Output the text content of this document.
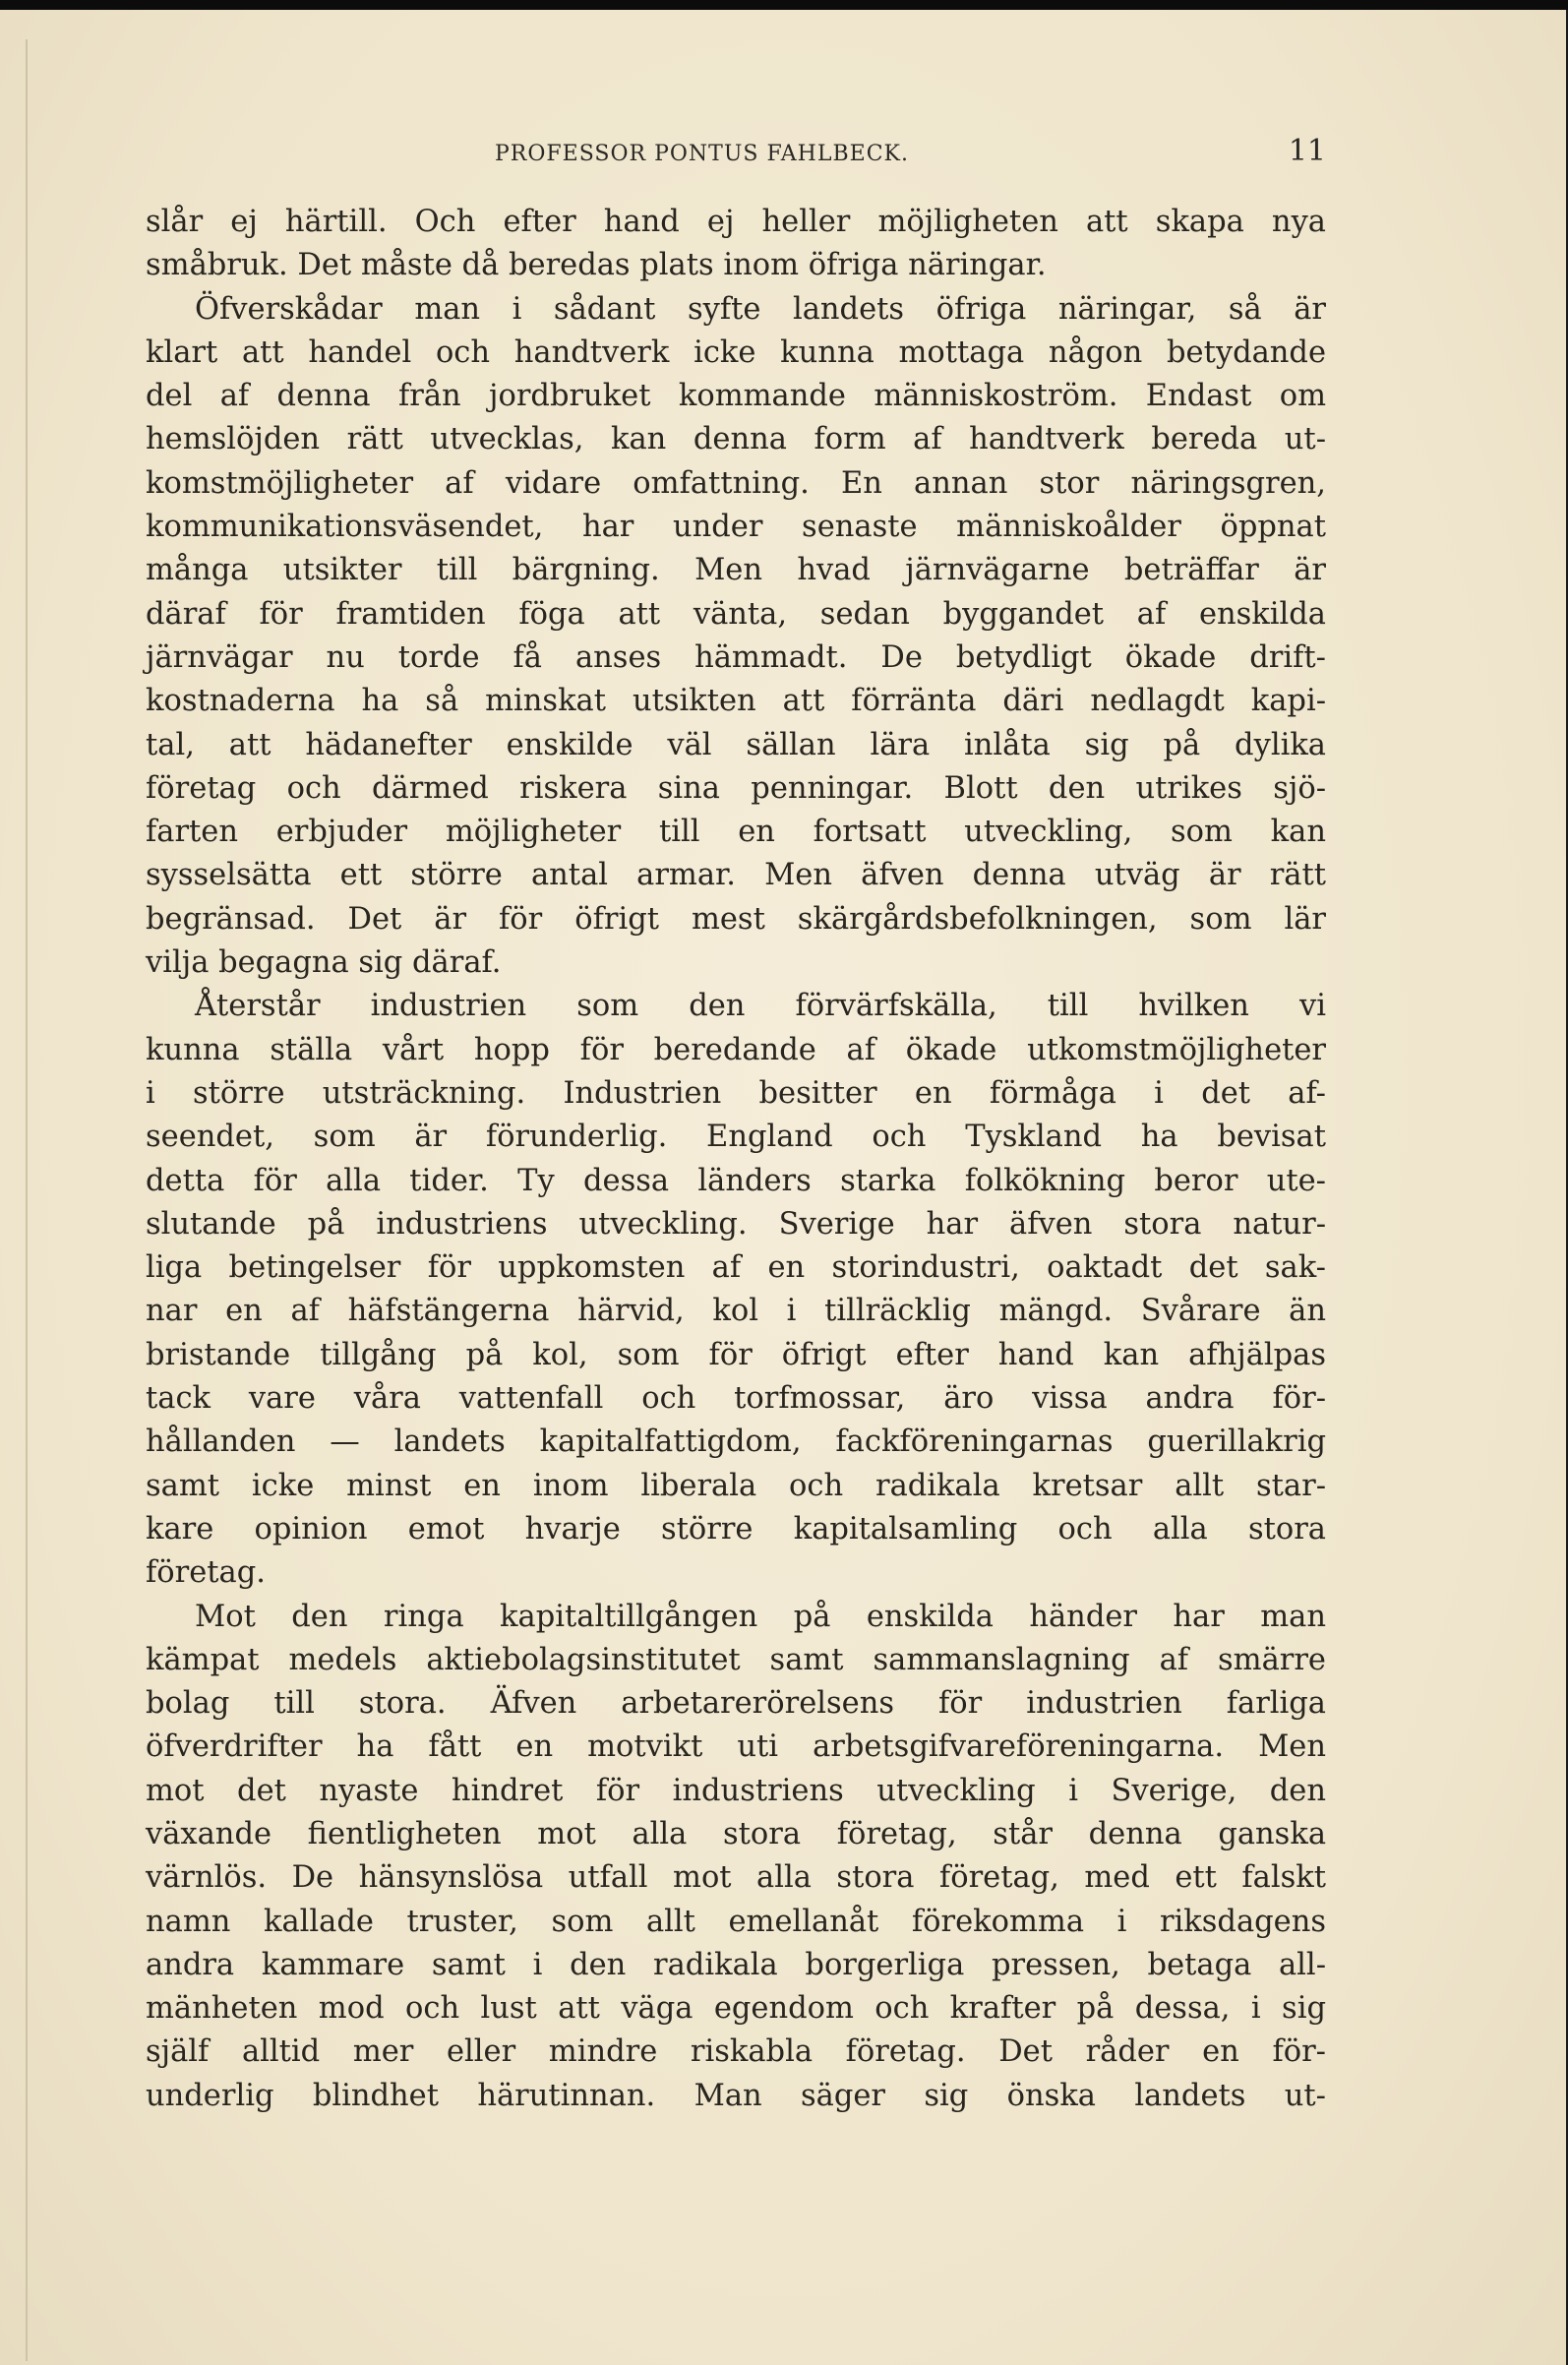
PROFESSOR PONTUS FAHLBECK.	11
slår ej härtill. Och efter hand ej heller möjligheten att skapa nya
småbruk. Det måste då beredas plats inom öfriga näringar.
Öfverskådar man i sådant syfte landets öfriga näringar, så är
klart att handel och handtverk icke kunna mottaga någon betydande
del af denna från jordbruket kommande människoström. Endast om
hemslöjden rätt utvecklas, kan denna form af handtverk bereda ut-
komstmöjligheter af vidare omfattning. En annan stor näringsgren,
kommunikationsväsendet, har under senaste människoålder öppnat
många utsikter till bärgning. Men hvad järnvägarne beträffar är
däraf för framtiden föga att vänta, sedan byggandet af enskilda
järnvägar nu torde få anses hämmadt. De betydligt ökade drift-
kostnaderna ha så minskat utsikten att förränta däri nedlagdt kapi-
tal, att hädanefter enskilde väl sällan lära inlåta sig på dylika
företag och därmed riskera sina penningar. Blott den utrikes sjö-
farten erbjuder möjligheter till en fortsatt utveckling, som kan
sysselsätta ett större antal armar. Men äfven denna utväg är rätt
begränsad. Det är för öfrigt mest skärgårdsbefolkningen, som lär
vilja begagna sig däraf.
Återstår industrien som den förvärfskälla, till hvilken vi
kunna ställa vårt hopp för beredande af ökade utkomstmöjligheter
i större utsträckning. Industrien besitter en förmåga i det af-
seendet, som är förunderlig. England och Tyskland ha bevisat
detta för alla tider. Ty dessa länders starka folkökning beror ute-
slutande på industriens utveckling. Sverige har äfven stora natur-
liga betingelser för uppkomsten af en storindustri, oaktadt det sak-
nar en af häfstängerna härvid, kol i tillräcklig mängd. Svårare än
bristande tillgång på kol, som för öfrigt efter hand kan afhjälpas
tack vare våra vattenfall och torfmossar, äro vissa andra för-
hållanden — landets kapitalfattigdom, fackföreningarnas guerillakrig
samt icke minst en inom liberala och radikala kretsar allt star-
kare opinion emot hvarje större kapitalsamling och alla stora
företag.
Mot den ringa kapitaltillgången på enskilda händer har man
kämpat medels aktiebolagsinstitutet samt sammanslagning af smärre
bolag till stora. Äfven arbetarerörelsens för industrien farliga
öfverdrifter ha fått en motvikt uti arbetsgifvareföreningarna. Men
mot det nyaste hindret för industriens utveckling i Sverige, den
växande fientligheten mot alla stora företag, står denna ganska
värnlös. De hänsynslösa utfall mot alla stora företag, med ett falskt
namn kallade truster, som allt emellanåt förekomma i riksdagens
andra kammare samt i den radikala borgerliga pressen, betaga all-
mänheten mod och lust att väga egendom och krafter på dessa, i sig
själf alltid mer eller mindre riskabla företag. Det råder en för-
underlig blindhet härutinnan. Man säger sig önska landets ut-
